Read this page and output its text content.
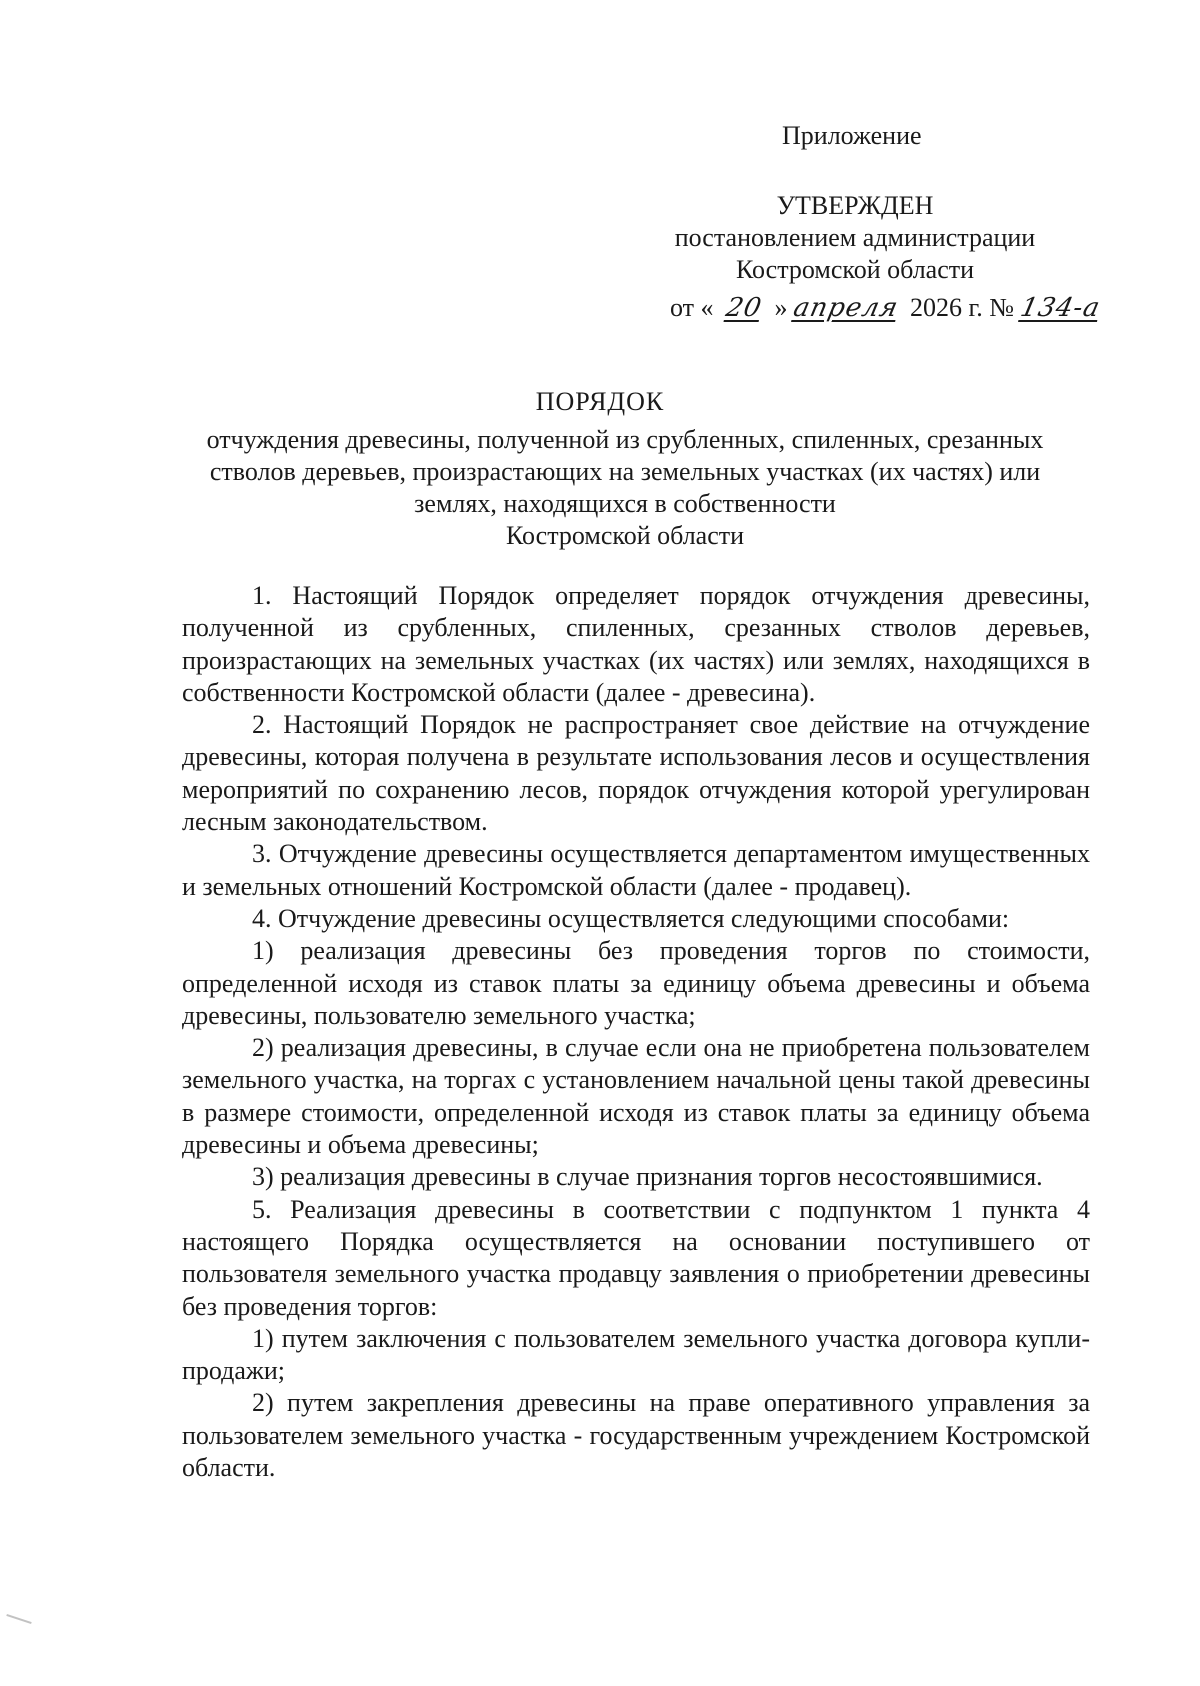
Приложение
УТВЕРЖДЕН
постановлением администрации
Костромской области
от « 20 » апреля 2026 г. № 134-а
ПОРЯДОК
отчуждения древесины, полученной из срубленных, спиленных, срезанных
стволов деревьев, произрастающих на земельных участках (их частях) или
землях, находящихся в собственности
Костромской области

1. Настоящий Порядок определяет порядок отчуждения древесины, полученной из срубленных, спиленных, срезанных стволов деревьев, произрастающих на земельных участках (их частях) или землях, находящихся в собственности Костромской области (далее - древесина).

2. Настоящий Порядок не распространяет свое действие на отчуждение древесины, которая получена в результате использования лесов и осуществления мероприятий по сохранению лесов, порядок отчуждения которой урегулирован лесным законодательством.

3. Отчуждение древесины осуществляется департаментом имущественных и земельных отношений Костромской области (далее - продавец).

4. Отчуждение древесины осуществляется следующими способами:

1) реализация древесины без проведения торгов по стоимости, определенной исходя из ставок платы за единицу объема древесины и объема древесины, пользователю земельного участка;

2) реализация древесины, в случае если она не приобретена пользователем земельного участка, на торгах с установлением начальной цены такой древесины в размере стоимости, определенной исходя из ставок платы за единицу объема древесины и объема древесины;

3) реализация древесины в случае признания торгов несостоявшимися.

5. Реализация древесины в соответствии с подпунктом 1 пункта 4 настоящего Порядка осуществляется на основании поступившего от пользователя земельного участка продавцу заявления о приобретении древесины без проведения торгов:

1) путем заключения с пользователем земельного участка договора купли-продажи;

2) путем закрепления древесины на праве оперативного управления за пользователем земельного участка - государственным учреждением Костромской области.
